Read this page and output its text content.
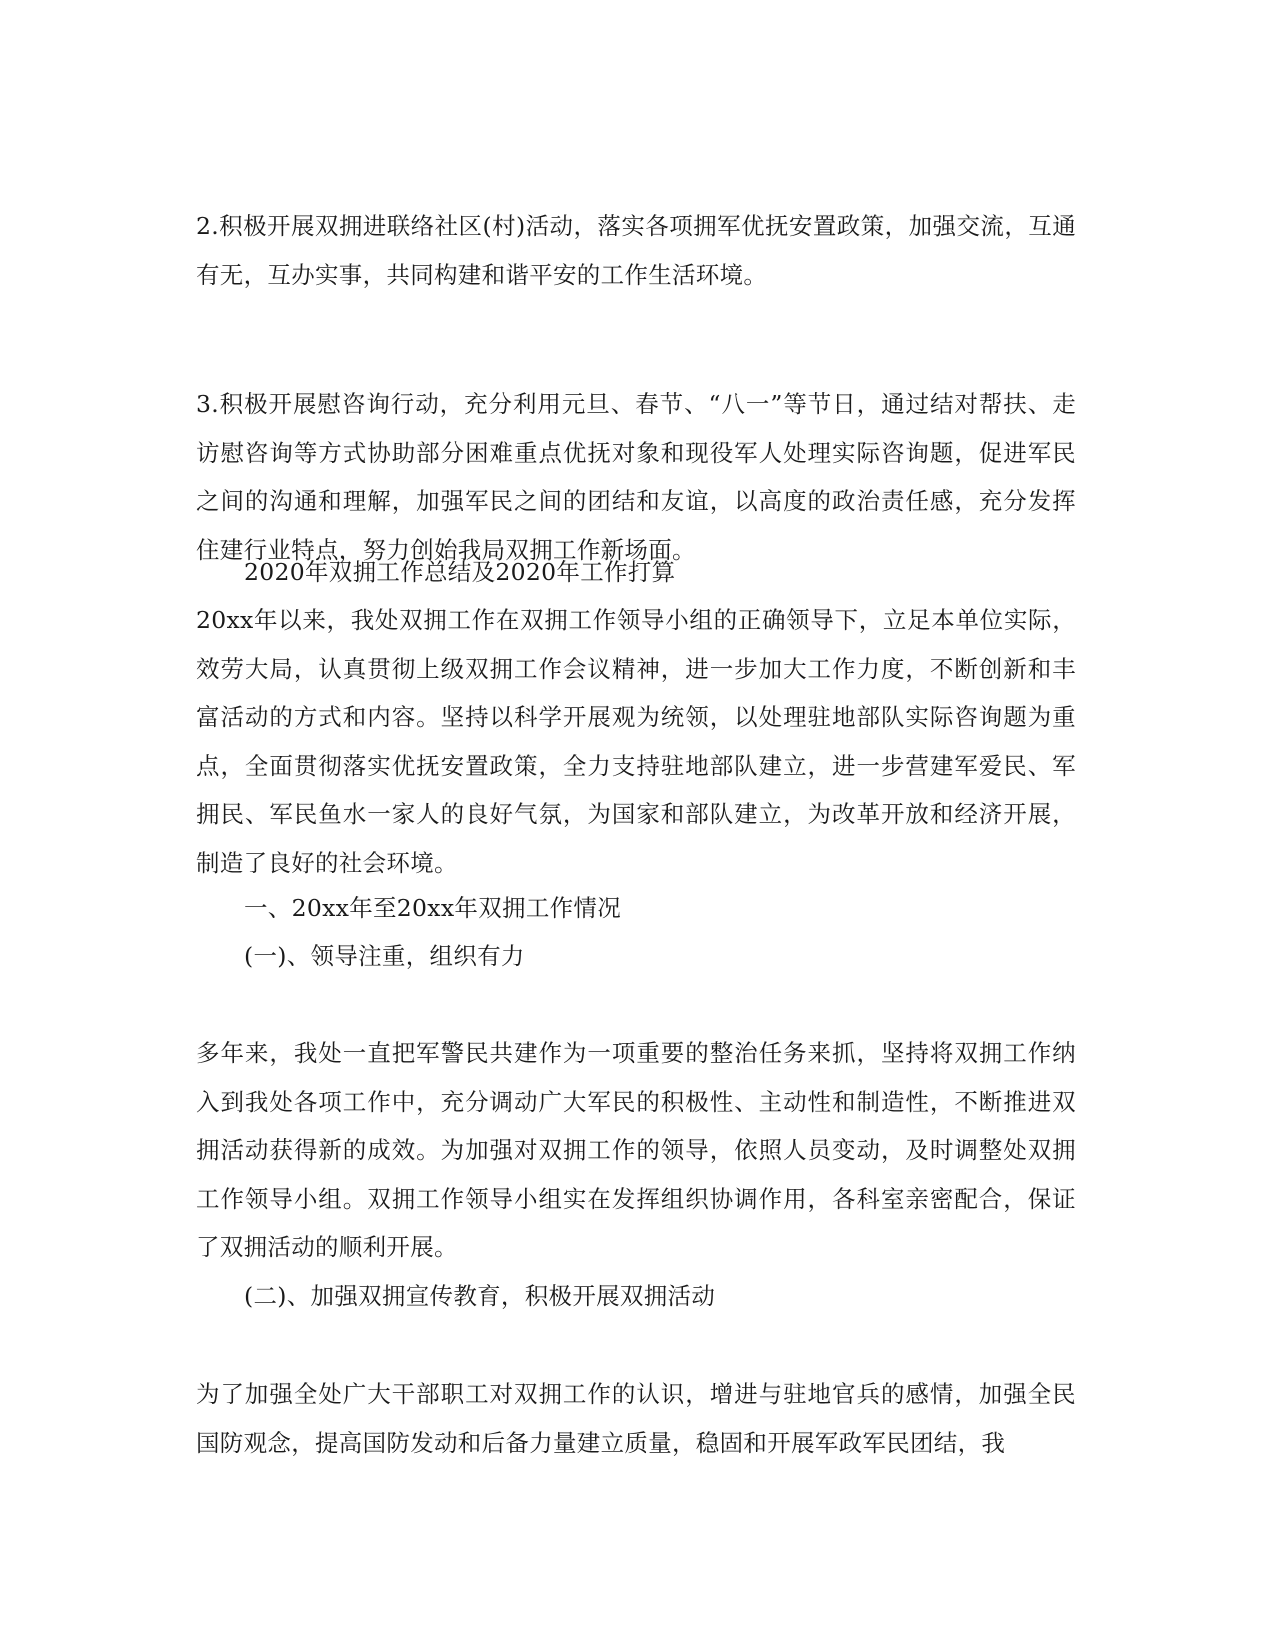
2.积极开展双拥进联络社区(村)活动，落实各项拥军优抚安置政策，加强交流，互通有无，互办实事，共同构建和谐平安的工作生活环境。

3.积极开展慰咨询行动，充分利用元旦、春节、“八一”等节日，通过结对帮扶、走访慰咨询等方式协助部分困难重点优抚对象和现役军人处理实际咨询题，促进军民之间的沟通和理解，加强军民之间的团结和友谊，以高度的政治责任感，充分发挥住建行业特点，努力创始我局双拥工作新场面。

2020年双拥工作总结及2020年工作打算

20xx年以来，我处双拥工作在双拥工作领导小组的正确领导下，立足本单位实际，效劳大局，认真贯彻上级双拥工作会议精神，进一步加大工作力度，不断创新和丰富活动的方式和内容。坚持以科学开展观为统领，以处理驻地部队实际咨询题为重点，全面贯彻落实优抚安置政策，全力支持驻地部队建立，进一步营建军爱民、军拥民、军民鱼水一家人的良好气氛，为国家和部队建立，为改革开放和经济开展，制造了良好的社会环境。

一、20xx年至20xx年双拥工作情况

(一)、领导注重，组织有力

多年来，我处一直把军警民共建作为一项重要的整治任务来抓，坚持将双拥工作纳入到我处各项工作中，充分调动广大军民的积极性、主动性和制造性，不断推进双拥活动获得新的成效。为加强对双拥工作的领导，依照人员变动，及时调整处双拥工作领导小组。双拥工作领导小组实在发挥组织协调作用，各科室亲密配合，保证了双拥活动的顺利开展。

(二)、加强双拥宣传教育，积极开展双拥活动

为了加强全处广大干部职工对双拥工作的认识，增进与驻地官兵的感情，加强全民国防观念，提高国防发动和后备力量建立质量，稳固和开展军政军民团结，我
